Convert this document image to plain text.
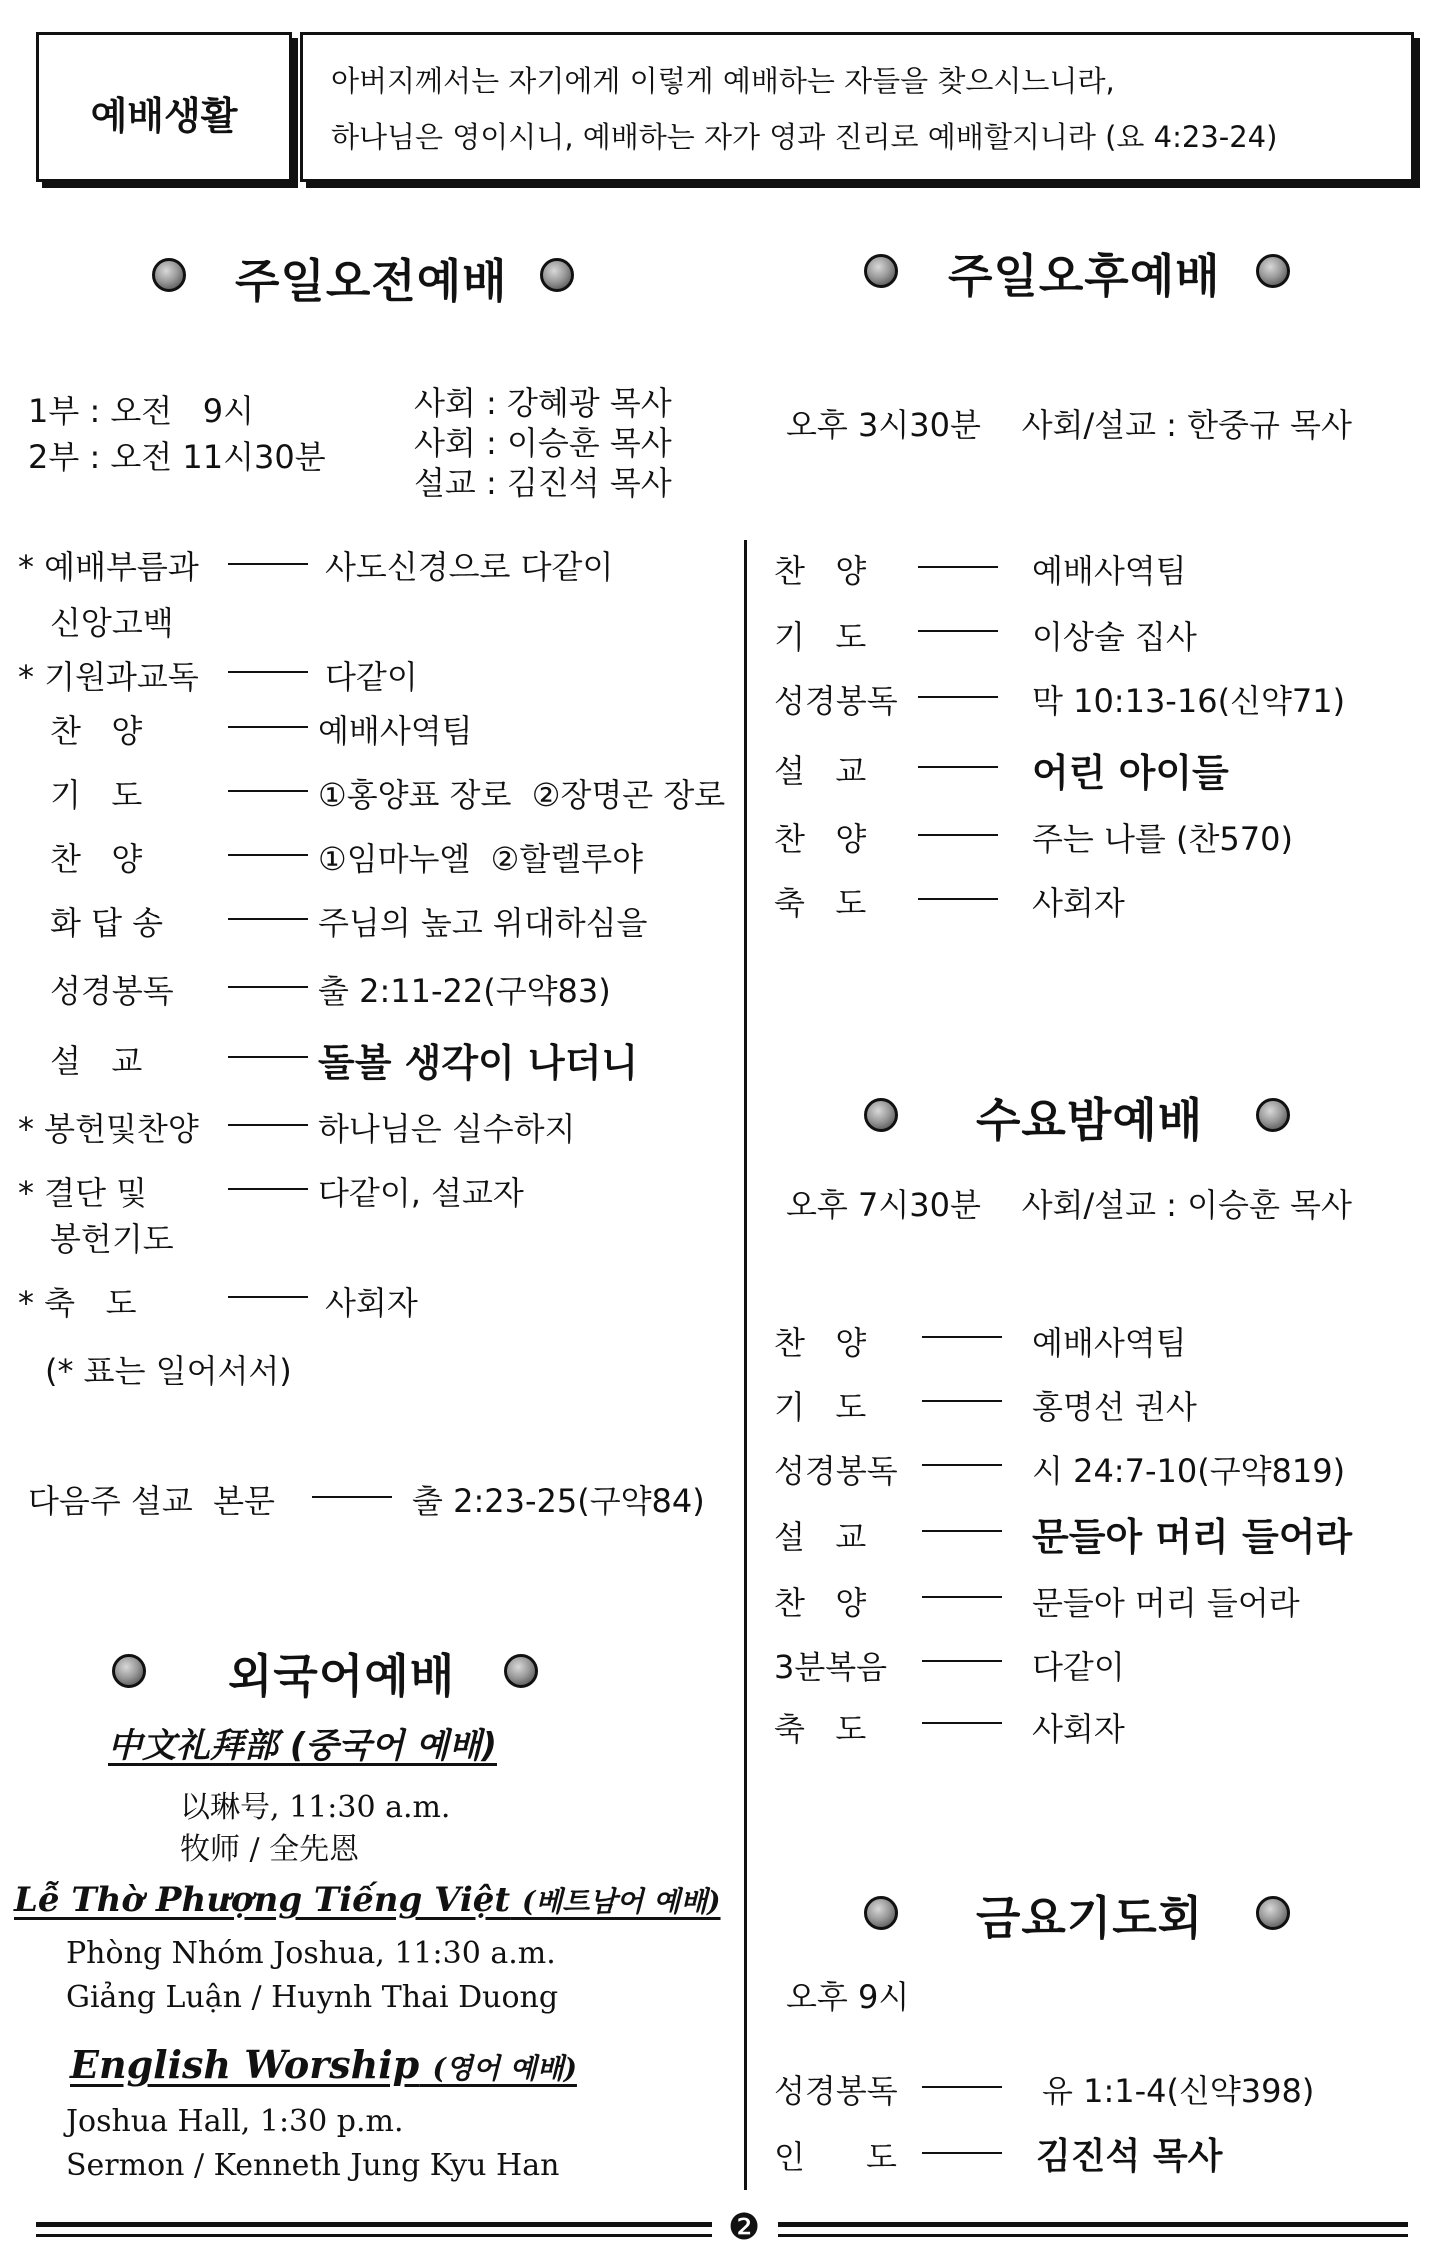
예배생활
아버지께서는 자기에게 이렇게 예배하는 자들을 찾으시느니라,
하나님은 영이시니, 예배하는 자가 영과 진리로 예배할지니라 (요 4:23-24)
주일오전예배
1부 : 오전   9시
2부 : 오전 11시30분
사회 : 강혜광 목사
사회 : 이승훈 목사
설교 : 김진석 목사
* 예배부름과	사도신경으로 다같이
신앙고백
* 기원과교독	다같이
찬   양	예배사역팀
기   도	①홍양표 장로  ②장명곤 장로
찬   양	①임마누엘  ②할렐루야
화 답 송	주님의 높고 위대하심을
성경봉독	출 2:11-22(구약83)
설   교	돌볼 생각이 나더니
* 봉헌및찬양	하나님은 실수하지
* 결단 및	다같이, 설교자
봉헌기도
* 축   도	사회자
(* 표는 일어서서)
다음주 설교  본문	출 2:23-25(구약84)
외국어예배
中文礼拜部 (중국어 예배)
以琳号, 11:30 a.m.
牧师 / 全先恩
Lễ Thờ Phượng Tiếng Việt (베트남어 예배)
Phòng Nhóm Joshua, 11:30 a.m.
Giảng Luận / Huynh Thai Duong
English Worship (영어 예배)
Joshua Hall, 1:30 p.m.
Sermon / Kenneth Jung Kyu Han
주일오후예배
오후 3시30분    사회/설교 : 한중규 목사
찬   양	예배사역팀
기   도	이상술 집사
성경봉독	막 10:13-16(신약71)
설   교	어린 아이들
찬   양	주는 나를 (찬570)
축   도	사회자
수요밤예배
오후 7시30분    사회/설교 : 이승훈 목사
찬   양	예배사역팀
기   도	홍명선 권사
성경봉독	시 24:7-10(구약819)
설   교	문들아 머리 들어라
찬   양	문들아 머리 들어라
3분복음	다같이
축   도	사회자
금요기도회
오후 9시
성경봉독	유 1:1-4(신약398)
인      도	김진석 목사
❷
